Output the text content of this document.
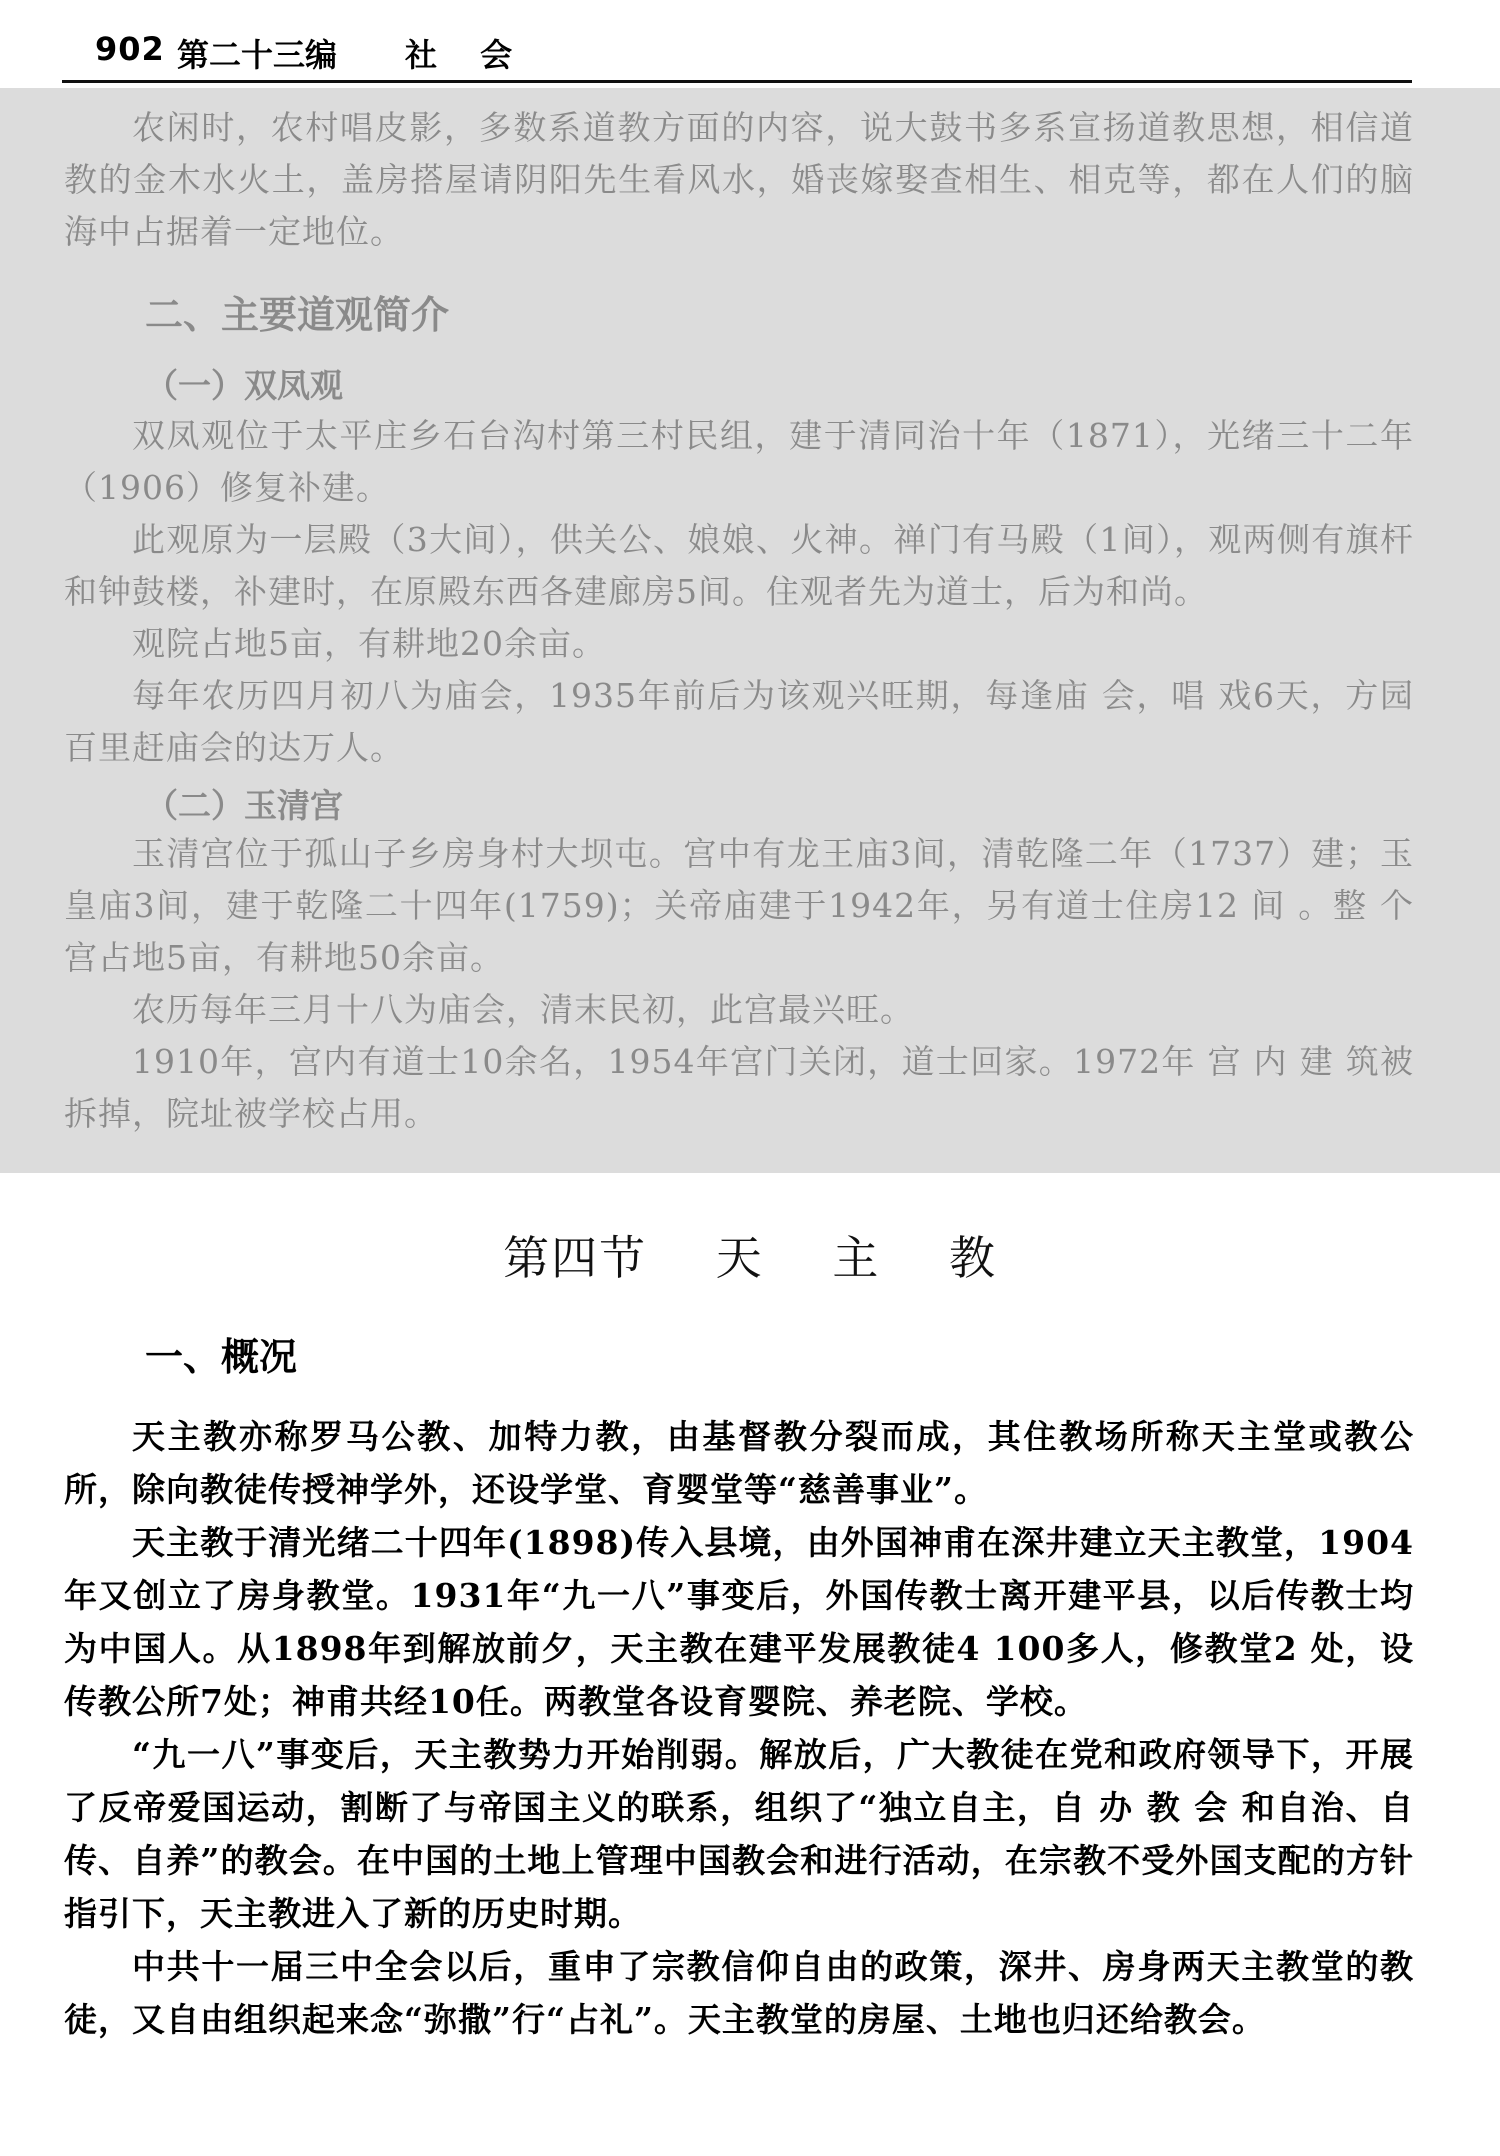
902 第二十三编 社　 会

农闲时，农村唱皮影，多数系道教方面的内容，说大鼓书多系宣扬道教思想，相信道教的金木水火土，盖房搭屋请阴阳先生看风水，婚丧嫁娶查相生、相克等，都在人们的脑海中占据着一定地位。

二、主要道观简介

（一）双凤观

双凤观位于太平庄乡石台沟村第三村民组，建于清同治十年（1871），光绪三十二年（1906）修复补建。

此观原为一层殿（3大间），供关公、娘娘、火神。禅门有马殿（1间），观两侧有旗杆和钟鼓楼，补建时，在原殿东西各建廊房5间。住观者先为道士，后为和尚。

观院占地5亩，有耕地20余亩。

每年农历四月初八为庙会，1935年前后为该观兴旺期，每逢庙 会，唱 戏6天，方园百里赶庙会的达万人。

（二）玉清宫

玉清宫位于孤山子乡房身村大坝屯。宫中有龙王庙3间，清乾隆二年（1737）建；玉皇庙3间，建于乾隆二十四年(1759)；关帝庙建于1942年，另有道士住房12 间 。整 个 宫占地5亩，有耕地50余亩。

农历每年三月十八为庙会，清末民初，此宫最兴旺。

1910年，宫内有道士10余名，1954年宫门关闭，道士回家。1972年 宫 内 建 筑被拆掉，院址被学校占用。

第四节 天 主 教

一、概况

天主教亦称罗马公教、加特力教，由基督教分裂而成，其住教场所称天主堂或教公所，除向教徒传授神学外，还设学堂、育婴堂等“慈善事业”。

天主教于清光绪二十四年(1898)传入县境，由外国神甫在深井建立天主教堂，1904年又创立了房身教堂。1931年“九一八”事变后，外国传教士离开建平县，以后传教士均为中国人。从1898年到解放前夕，天主教在建平发展教徒4 100多人，修教堂2 处，设传教公所7处；神甫共经10任。两教堂各设育婴院、养老院、学校。

“九一八”事变后，天主教势力开始削弱。解放后，广大教徒在党和政府领导下，开展了反帝爱国运动，割断了与帝国主义的联系，组织了“独立自主，自 办 教 会 和自治、自传、自养”的教会。在中国的土地上管理中国教会和进行活动，在宗教不受外国支配的方针指引下，天主教进入了新的历史时期。

中共十一届三中全会以后，重申了宗教信仰自由的政策，深井、房身两天主教堂的教徒，又自由组织起来念“弥撒”行“占礼”。天主教堂的房屋、土地也归还给教会。
